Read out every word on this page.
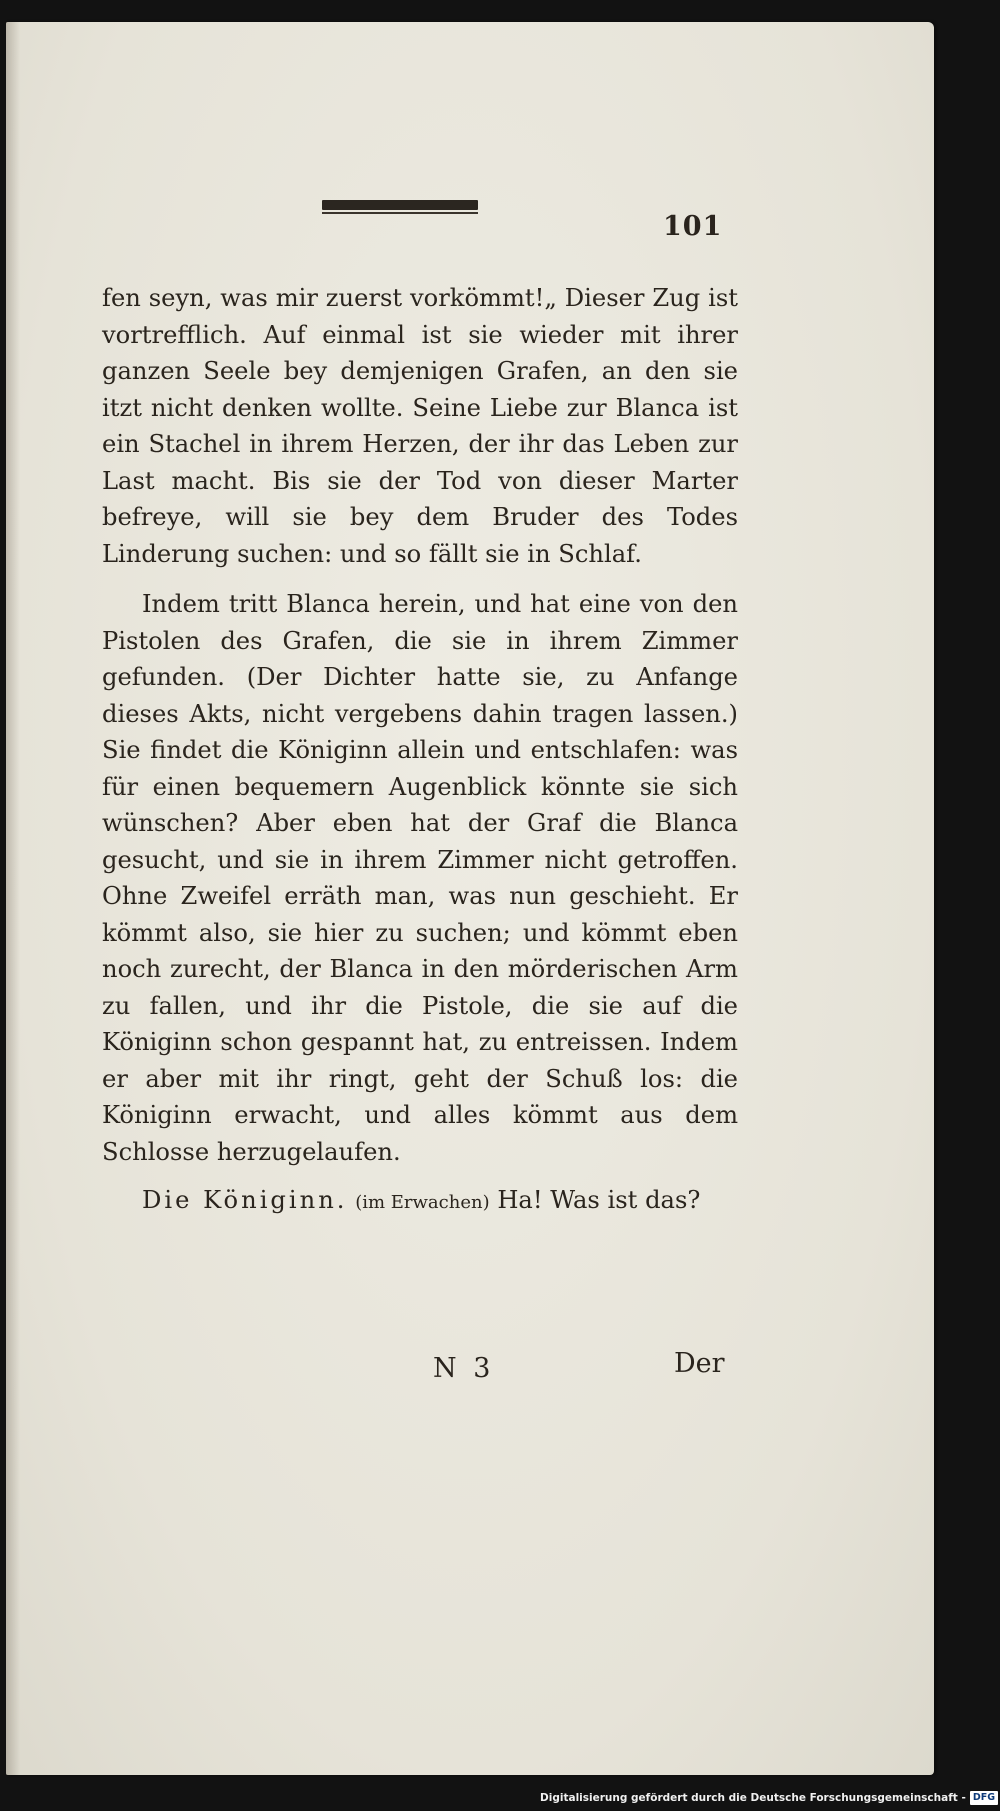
101

fen seyn, was mir zuerst vorkömmt!„ Dieser Zug ist vortrefflich. Auf einmal ist sie wieder mit ihrer ganzen Seele bey demjenigen Grafen, an den sie itzt nicht denken wollte. Seine Liebe zur Blanca ist ein Stachel in ihrem Herzen, der ihr das Leben zur Last macht. Bis sie der Tod von dieser Marter befreye, will sie bey dem Bruder des Todes Linderung suchen: und so fällt sie in Schlaf.

Indem tritt Blanca herein, und hat eine von den Pistolen des Grafen, die sie in ihrem Zimmer gefunden. (Der Dichter hatte sie, zu Anfange dieses Akts, nicht vergebens dahin tragen lassen.) Sie findet die Königinn allein und entschlafen: was für einen bequemern Augenblick könnte sie sich wünschen? Aber eben hat der Graf die Blanca gesucht, und sie in ihrem Zimmer nicht getroffen. Ohne Zweifel erräth man, was nun geschieht. Er kömmt also, sie hier zu suchen; und kömmt eben noch zurecht, der Blanca in den mörderischen Arm zu fallen, und ihr die Pistole, die sie auf die Königinn schon gespannt hat, zu entreissen. Indem er aber mit ihr ringt, geht der Schuß los: die Königinn erwacht, und alles kömmt aus dem Schlosse herzugelaufen.

Die Königinn. (im Erwachen) Ha! Was ist das?

N 3	Der
Digitalisierung gefördert durch die Deutsche Forschungsgemeinschaft - DFG
